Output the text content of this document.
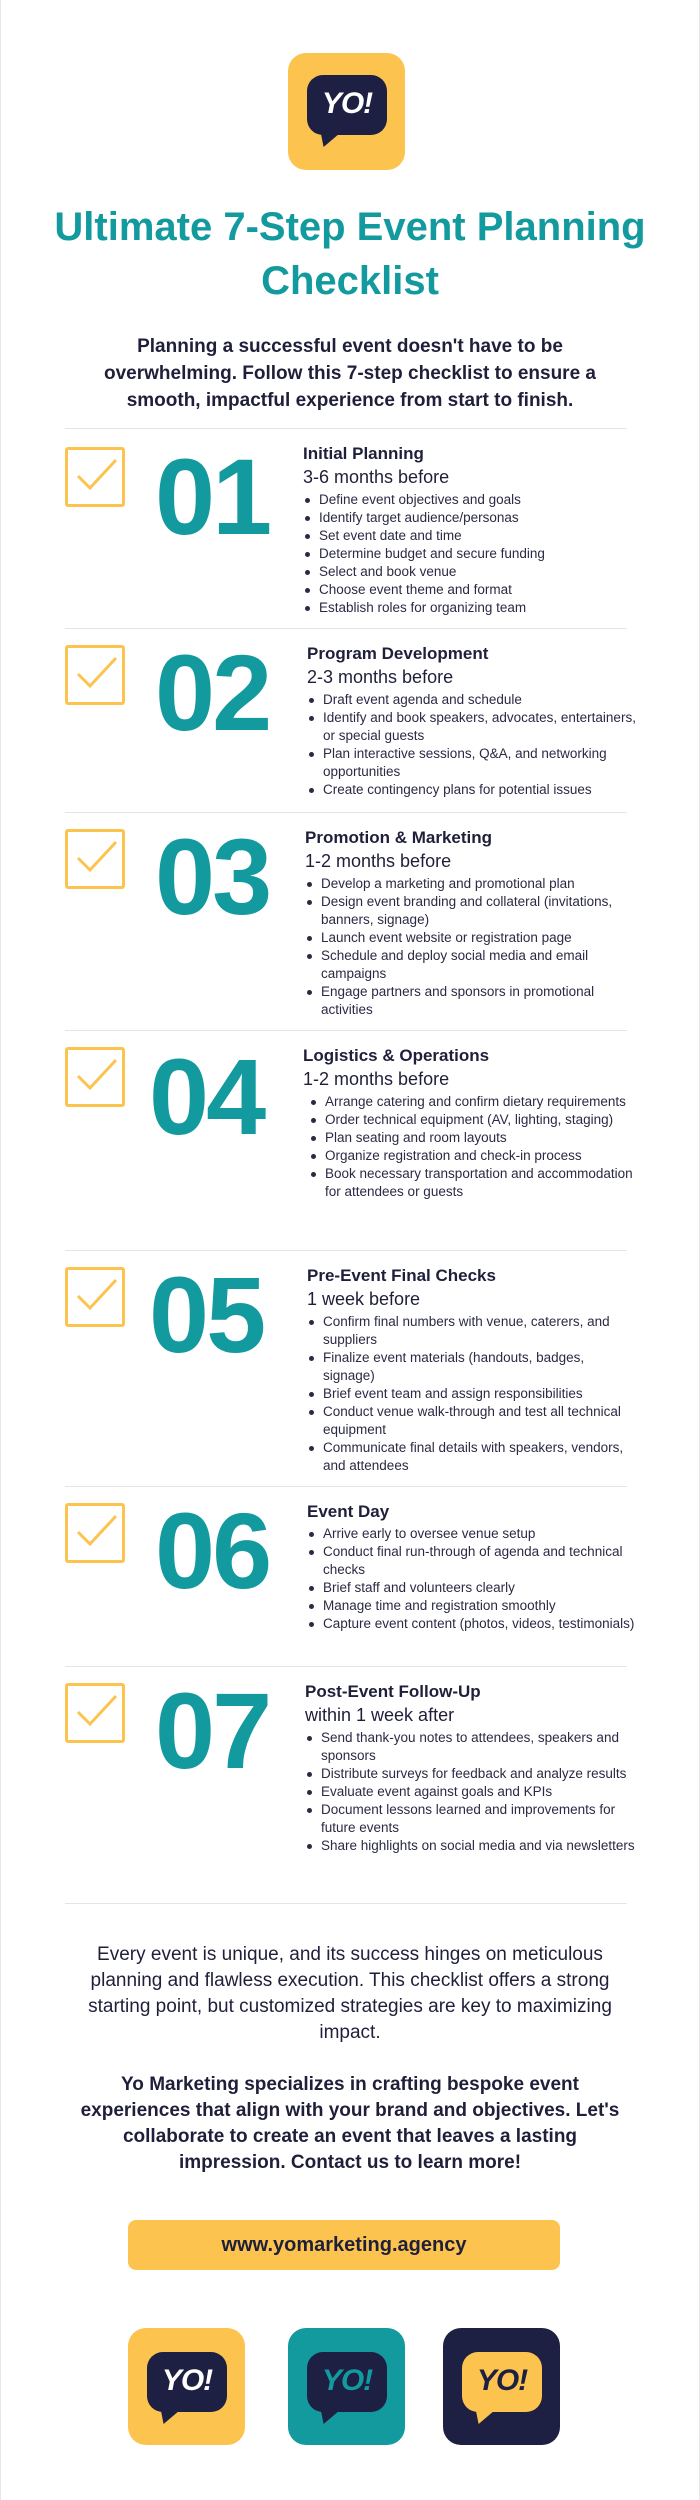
YO!
Ultimate 7-Step Event Planning Checklist

Planning a successful event doesn't have to be overwhelming. Follow this 7-step checklist to ensure a smooth, impactful experience from start to finish.

01 Initial Planning
3-6 months before
Define event objectives and goals
Identify target audience/personas
Set event date and time
Determine budget and secure funding
Select and book venue
Choose event theme and format
Establish roles for organizing team
02 Program Development
2-3 months before
Draft event agenda and schedule
Identify and book speakers, advocates, entertainers, or special guests
Plan interactive sessions, Q&A, and networking opportunities
Create contingency plans for potential issues
03 Promotion & Marketing
1-2 months before
Develop a marketing and promotional plan
Design event branding and collateral (invitations, banners, signage)
Launch event website or registration page
Schedule and deploy social media and email campaigns
Engage partners and sponsors in promotional activities
04 Logistics & Operations
1-2 months before
Arrange catering and confirm dietary requirements
Order technical equipment (AV, lighting, staging)
Plan seating and room layouts
Organize registration and check-in process
Book necessary transportation and accommodation for attendees or guests
05	Pre-Event Final Checks
1 week before
Confirm final numbers with venue, caterers, and suppliers
Finalize event materials (handouts, badges, signage)
Brief event team and assign responsibilities
Conduct venue walk-through and test all technical equipment
Communicate final details with speakers, vendors, and attendees
06 Event Day
Arrive early to oversee venue setup
Conduct final run-through of agenda and technical checks
Brief staff and volunteers clearly
Manage time and registration smoothly
Capture event content (photos, videos, testimonials)
07 Post-Event Follow-Up
within 1 week after
Send thank-you notes to attendees, speakers and sponsors
Distribute surveys for feedback and analyze results
Evaluate event against goals and KPIs
Document lessons learned and improvements for future events
Share highlights on social media and via newsletters

Every event is unique, and its success hinges on meticulous planning and flawless execution. This checklist offers a strong starting point, but customized strategies are key to maximizing impact.

Yo Marketing specializes in crafting bespoke event experiences that align with your brand and objectives. Let's collaborate to create an event that leaves a lasting impression. Contact us to learn more!

www.yomarketing.agency
YO!	YO!	YO!
